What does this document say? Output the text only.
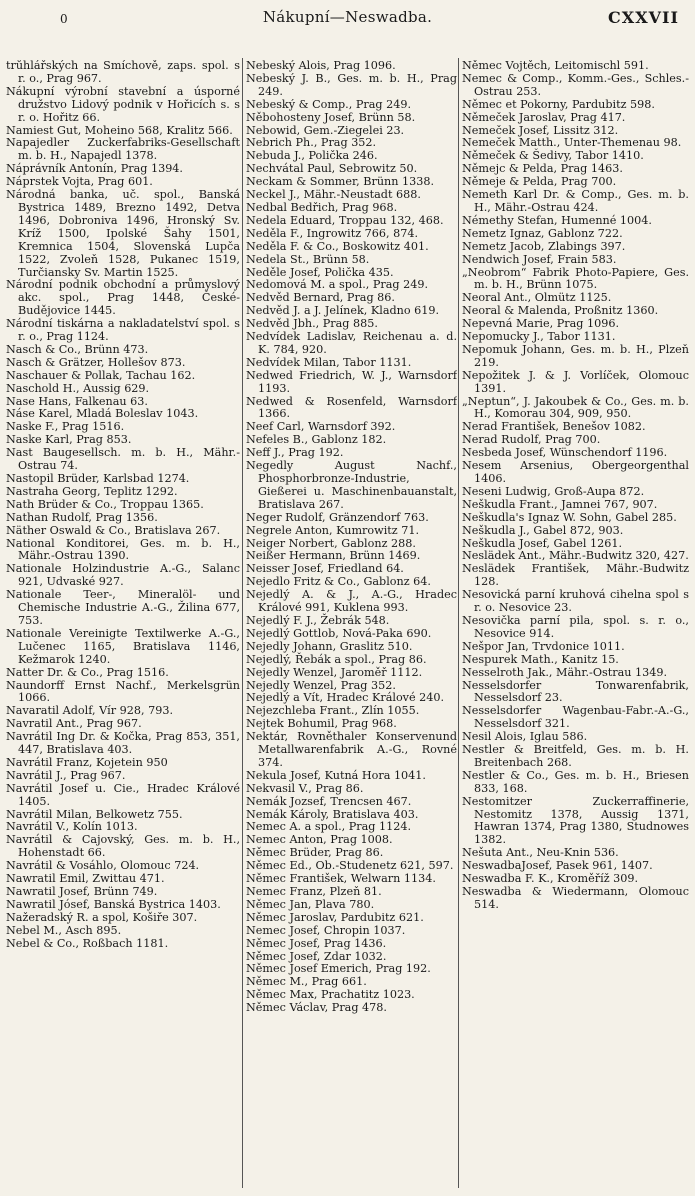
0	Nákupní—Neswadba.	CXXVII

trůhlářských na Smíchově, zaps. spol. s r. o., Prag 967.

Nákupní výrobní stavební a úsporné družstvo Lidový podnik v Hořicích s. s r. o. Hořitz 66.

Namiest Gut, Moheino 568, Kralitz 566.

Napajedler Zuckerfabriks-Gesellschaft m. b. H., Napajedl 1378.

Náprávník Antonín, Prag 1394.

Náprstek Vojta, Prag 601.

Národná banka, uč. spol., Banská Bystrica 1489, Brezno 1492, Detva 1496, Dobroniva 1496, Hronský Sv. Kríž 1500, Ipolské Šahy 1501, Kremnica 1504, Slovenská Lupča 1522, Zvoleň 1528, Pukanec 1519, Turčiansky Sv. Martin 1525.

Národní podnik obchodní a průmyslový akc. spol., Prag 1448, České-Budějovice 1445.

Národní tiskárna a nakladatelství spol. s r. o., Prag 1124.

Nasch & Co., Brünn 473.

Nasch & Grätzer, Hollešov 873.

Naschauer & Pollak, Tachau 162.

Naschold H., Aussig 629.

Nase Hans, Falkenau 63.

Náse Karel, Mladá Boleslav 1043.

Naske F., Prag 1516.

Naske Karl, Prag 853.

Nast Baugesellsch. m. b. H., Mähr.-Ostrau 74.

Nastopil Brüder, Karlsbad 1274.

Nastraha Georg, Teplitz 1292.

Nath Brüder & Co., Troppau 1365.

Nathan Rudolf, Prag 1356.

Näther Oswald & Co., Bratislava 267.

National Konditorei, Ges. m. b. H., Mähr.-Ostrau 1390.

Nationale Holzindustrie A.-G., Salanc 921, Udvaské 927.

Nationale Teer-, Mineralöl- und Chemische Industrie A.-G., Žilina 677, 753.

Nationale Vereinigte Textilwerke A.-G., Lučenec 1165, Bratislava 1146, Kežmarok 1240.

Natter Dr. & Co., Prag 1516.

Naundorff Ernst Nachf., Merkelsgrün 1066.

Navaratil Adolf, Vír 928, 793.

Navratil Ant., Prag 967.

Navrátil Ing Dr. & Kočka, Prag 853, 351, 447, Bratislava 403.

Navrátil Franz, Kojetein 950

Navrátil J., Prag 967.

Navrátil Josef u. Cie., Hradec Králové 1405.

Navrátil Milan, Belkowetz 755.

Navrátil V., Kolín 1013.

Navrátil & Cajovský, Ges. m. b. H., Hohenstadt 66.

Navrátil & Vosáhlo, Olomouc 724.

Nawratil Emil, Zwittau 471.

Nawratil Josef, Brünn 749.

Nawratil Jósef, Banská Bystrica 1403.

Nažeradský R. a spol, Košiře 307.

Nebel M., Asch 895.

Nebel & Co., Roßbach 1181.

Nebeský Alois, Prag 1096.

Nebeský J. B., Ges. m. b. H., Prag 249.

Nebeský & Comp., Prag 249.

Něbohosteny Josef, Brünn 58.

Nebowid, Gem.-Ziegelei 23.

Nebrich Ph., Prag 352.

Nebuda J., Polička 246.

Nechvátal Paul, Sebrowitz 50.

Neckam & Sommer, Brünn 1338.

Neckel J., Mähr.-Neustadt 688.

Nedbal Bedřich, Prag 968.

Nedela Eduard, Troppau 132, 468.

Neděla F., Ingrowitz 766, 874.

Neděla F. & Co., Boskowitz 401.

Nedela St., Brünn 58.

Neděle Josef, Polička 435.

Nedomová M. a spol., Prag 249.

Nedvěd Bernard, Prag 86.

Nedvěd J. a J. Jelínek, Kladno 619.

Nedvěd Jbh., Prag 885.

Nedvídek Ladislav, Reichenau a. d. K. 784, 920.

Nedvídek Milan, Tabor 1131.

Nedwed Friedrich, W. J., Warnsdorf 1193.

Nedwed & Rosenfeld, Warnsdorf 1366.

Neef Carl, Warnsdorf 392.

Nefeles B., Gablonz 182.

Neff J., Prag 192.

Negedly August Nachf., Phosphorbronze-Industrie, Gießerei u. Maschinenbauanstalt, Bratislava 267.

Neger Rudolf, Gränzendorf 763.

Negrele Anton, Kumrowitz 71.

Neiger Norbert, Gablonz 288.

Neißer Hermann, Brünn 1469.

Neisser Josef, Friedland 64.

Nejedlo Fritz & Co., Gablonz 64.

Nejedlý A. & J., A.-G., Hradec Králové 991, Kuklena 993.

Nejedlý F. J., Žebrák 548.

Nejedlý Gottlob, Nová-Paka 690.

Nejedly Johann, Graslitz 510.

Nejedlý, Řebák a spol., Prag 86.

Nejedly Wenzel, Jaroměř 1112.

Nejedly Wenzel, Prag 352.

Nejedlý a Vít, Hradec Králové 240.

Nejezchleba Frant., Zlín 1055.

Nejtek Bohumil, Prag 968.

Nektár, Rovněthaler Konservenund Metallwarenfabrik A.-G., Rovné 374.

Nekula Josef, Kutná Hora 1041.

Nekvasil V., Prag 86.

Nemák Jozsef, Trencsen 467.

Nemák Károly, Bratislava 403.

Nemec A. a spol., Prag 1124.

Nemec Anton, Prag 1008.

Němec Brüder, Prag 86.

Němec Ed., Ob.-Studenetz 621, 597.

Němec František, Welwarn 1134.

Nemec Franz, Plzeň 81.

Němec Jan, Plava 780.

Němec Jaroslav, Pardubitz 621.

Nemec Josef, Chropin 1037.

Němec Josef, Prag 1436.

Němec Josef, Zdar 1032.

Němec Josef Emerich, Prag 192.

Němec M., Prag 661.

Němec Max, Prachatitz 1023.

Němec Václav, Prag 478.

Němec Vojtěch, Leitomischl 591.

Nemec & Comp., Komm.-Ges., Schles.-Ostrau 253.

Němec et Pokorny, Pardubitz 598.

Němeček Jaroslav, Prag 417.

Nemeček Josef, Lissitz 312.

Nemeček Matth., Unter-Themenau 98.

Němeček & Šedivy, Tabor 1410.

Němejc & Pelda, Prag 1463.

Němeje & Pelda, Prag 700.

Nemeth Karl Dr. & Comp., Ges. m. b. H., Mähr.-Ostrau 424.

Némethy Stefan, Humenné 1004.

Nemetz Ignaz, Gablonz 722.

Nemetz Jacob, Zlabings 397.

Nendwich Josef, Frain 583.

„Neobrom“ Fabrik Photo-Papiere, Ges. m. b. H., Brünn 1075.

Neoral Ant., Olmütz 1125.

Neoral & Malenda, Proßnitz 1360.

Nepevná Marie, Prag 1096.

Nepomucky J., Tabor 1131.

Nepomuk Johann, Ges. m. b. H., Plzeň 219.

Nepožitek J. & J. Vorlíček, Olomouc 1391.

„Neptun“, J. Jakoubek & Co., Ges. m. b. H., Komorau 304, 909, 950.

Nerad František, Benešov 1082.

Nerad Rudolf, Prag 700.

Nesbeda Josef, Wünschendorf 1196.

Nesem Arsenius, Obergeorgenthal 1406.

Neseni Ludwig, Groß-Aupa 872.

Neškudla Frant., Jamnei 767, 907.

Neškudla's Ignaz W. Sohn, Gabel 285.

Neškudla J., Gabel 872, 903.

Neškudla Josef, Gabel 1261.

Neslädek Ant., Mähr.-Budwitz 320, 427.

Neslädek František, Mähr.-Budwitz 128.

Nesovická parní kruhová cihelna spol s r. o. Nesovice 23.

Nesovička parní pila, spol. s. r. o., Nesovice 914.

Nešpor Jan, Trvdonice 1011.

Nespurek Math., Kanitz 15.

Nesselroth Jak., Mähr.-Ostrau 1349.

Nesselsdorfer Tonwarenfabrik, Nesselsdorf 23.

Nesselsdorfer Wagenbau-Fabr.-A.-G., Nesselsdorf 321.

Nesil Alois, Iglau 586.

Nestler & Breitfeld, Ges. m. b. H. Breitenbach 268.

Nestler & Co., Ges. m. b. H., Briesen 833, 168.

Nestomitzer Zuckerraffinerie, Nestomitz 1378, Aussig 1371, Hawran 1374, Prag 1380, Studnowes 1382.

Nešuta Ant., Neu-Knin 536.

NeswadbaJosef, Pasek 961, 1407.

Neswadba F. K., Kroměříž 309.

Neswadba & Wiedermann, Olomouc 514.
